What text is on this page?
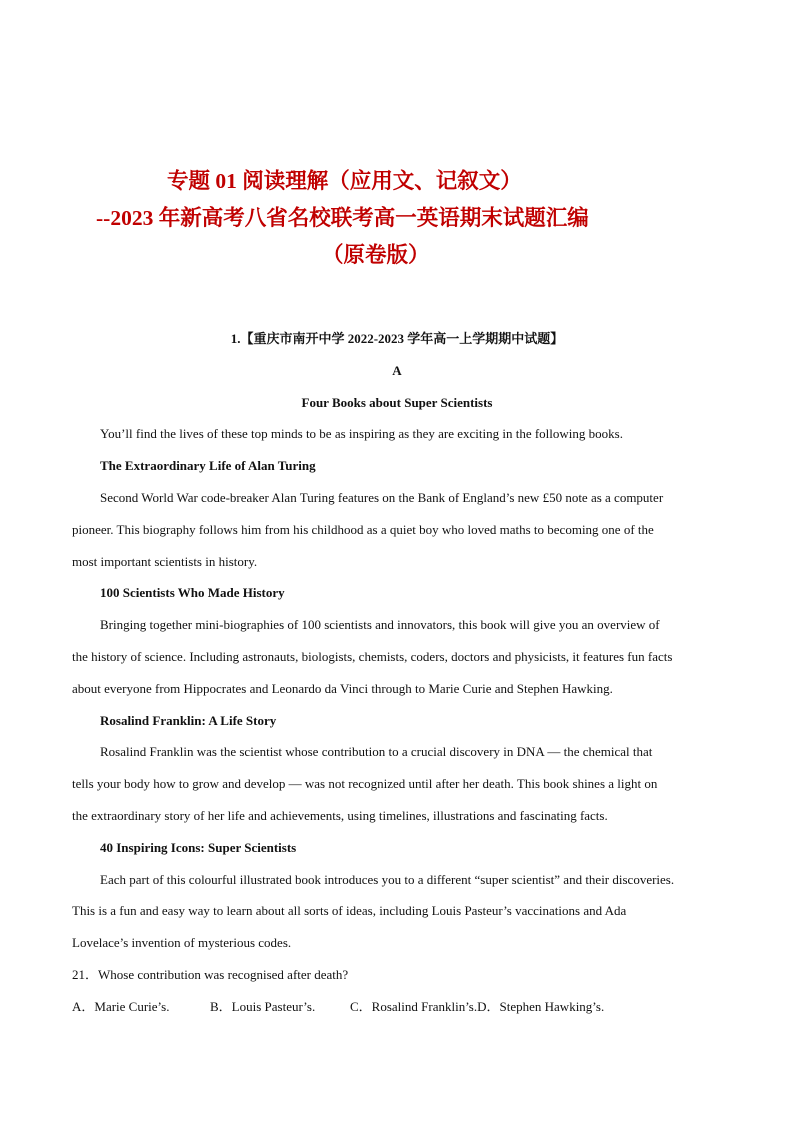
专题 01 阅读理解（应用文、记叙文）
--2023 年新高考八省名校联考高一英语期末试题汇编
（原卷版）

1.【重庆市南开中学 2022-2023 学年高一上学期期中试题】

A

Four Books about Super Scientists

You’ll find the lives of these top minds to be as inspiring as they are exciting in the following books.

The Extraordinary Life of Alan Turing

Second World War code-breaker Alan Turing features on the Bank of England’s new £50 note as a computer

pioneer. This biography follows him from his childhood as a quiet boy who loved maths to becoming one of the

most important scientists in history.

100 Scientists Who Made History

Bringing together mini-biographies of 100 scientists and innovators, this book will give you an overview of

the history of science. Including astronauts, biologists, chemists, coders, doctors and physicists, it features fun facts

about everyone from Hippocrates and Leonardo da Vinci through to Marie Curie and Stephen Hawking.

Rosalind Franklin: A Life Story

Rosalind Franklin was the scientist whose contribution to a crucial discovery in DNA — the chemical that

tells your body how to grow and develop — was not recognized until after her death. This book shines a light on

the extraordinary story of her life and achievements, using timelines, illustrations and fascinating facts.

40 Inspiring Icons: Super Scientists

Each part of this colourful illustrated book introduces you to a different “super scientist” and their discoveries.

This is a fun and easy way to learn about all sorts of ideas, including Louis Pasteur’s vaccinations and Ada

Lovelace’s invention of mysterious codes.

21．Whose contribution was recognised after death?

A．Marie Curie’s.	B．Louis Pasteur’s.	C．Rosalind Franklin’s.D．Stephen Hawking’s.
